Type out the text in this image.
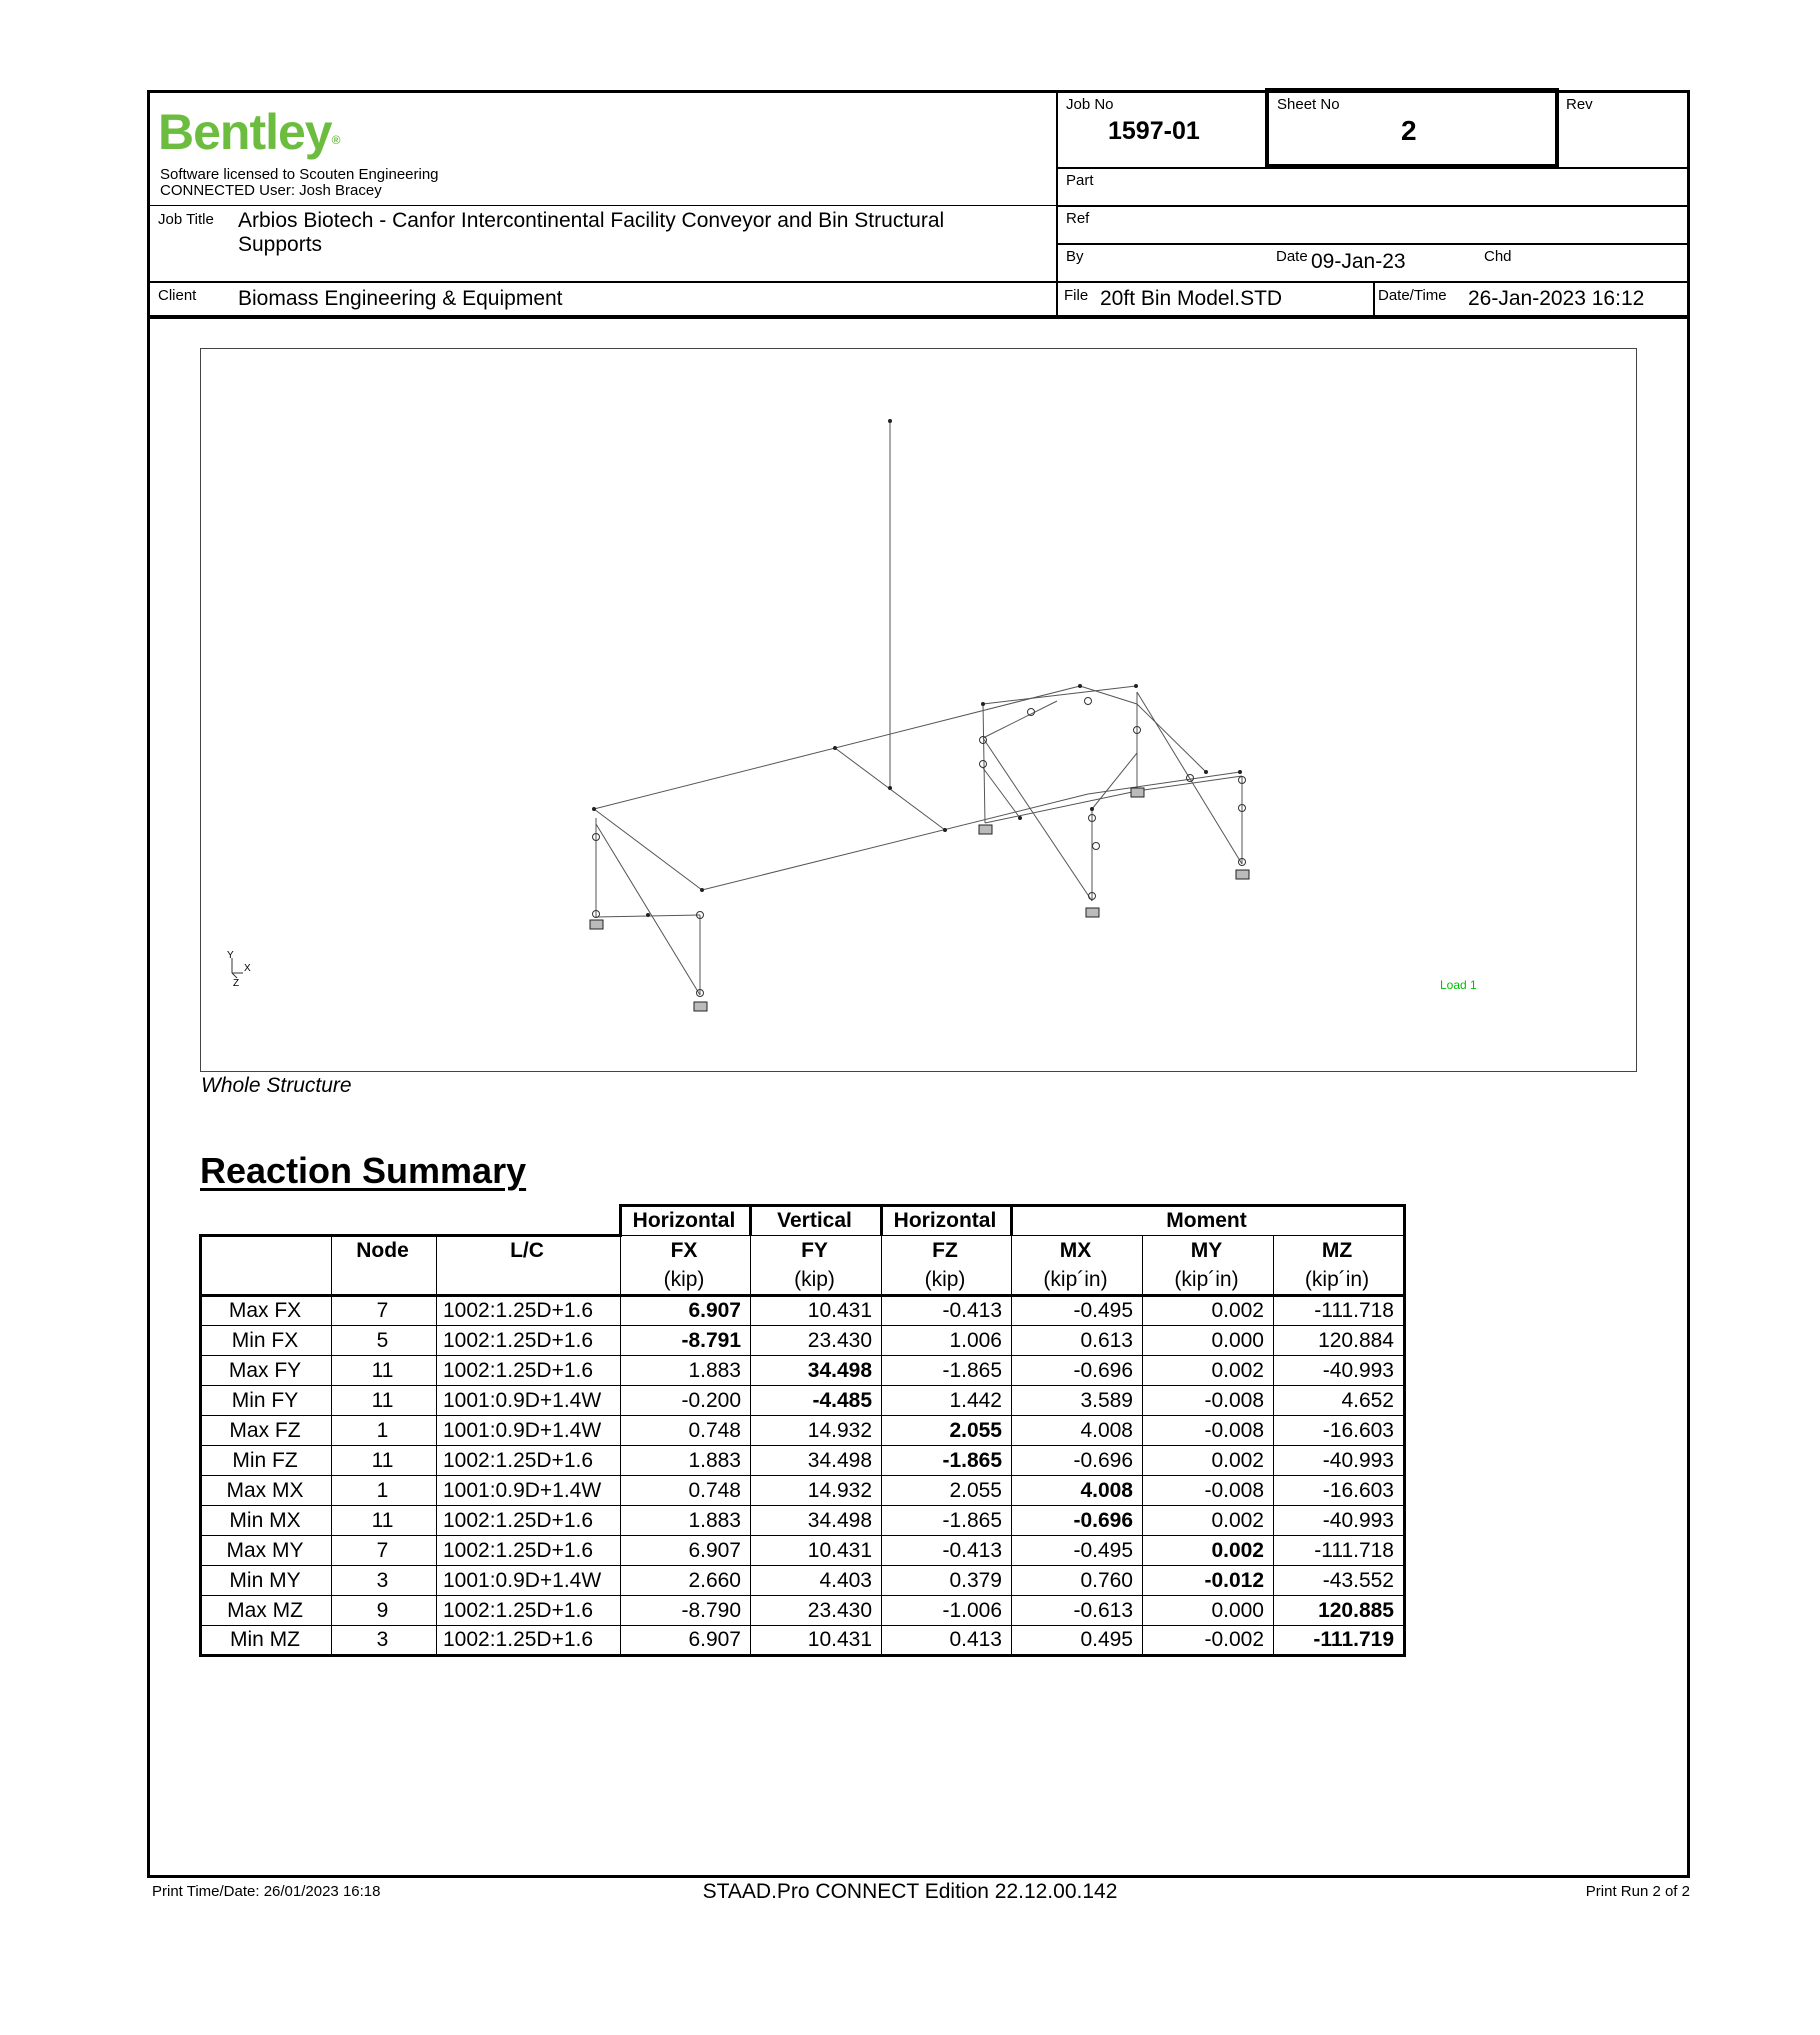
Bentley®
Software licensed to Scouten Engineering
CONNECTED User: Josh Bracey
Job No
1597-01
Sheet No
2
Rev
Part
Ref
By	Date 09-Jan-23	Chd
Job Title Arbios Biotech - Canfor Intercontinental Facility Conveyor and Bin Structural
Supports
Client Biomass Engineering & Equipment	File 20ft Bin Model.STD	Date/Time 26-Jan-2023 16:12
Y
X
Z	Load 1
Whole Structure
Reaction Summary
			Horizontal	Vertical	Horizontal	Moment		
	Node	L/C	FX	FY	FZ	MX	MY	MZ
			(kip)	(kip)	(kip)	(kip´in)	(kip´in)	(kip´in)
Max FX	7	1002:1.25D+1.6	6.907	10.431	-0.413	-0.495	0.002	-111.718
Min FX	5	1002:1.25D+1.6	-8.791	23.430	1.006	0.613	0.000	120.884
Max FY	11	1002:1.25D+1.6	1.883	34.498	-1.865	-0.696	0.002	-40.993
Min FY	11	1001:0.9D+1.4W	-0.200	-4.485	1.442	3.589	-0.008	4.652
Max FZ	1	1001:0.9D+1.4W	0.748	14.932	2.055	4.008	-0.008	-16.603
Min FZ	11	1002:1.25D+1.6	1.883	34.498	-1.865	-0.696	0.002	-40.993
Max MX	1	1001:0.9D+1.4W	0.748	14.932	2.055	4.008	-0.008	-16.603
Min MX	11	1002:1.25D+1.6	1.883	34.498	-1.865	-0.696	0.002	-40.993
Max MY	7	1002:1.25D+1.6	6.907	10.431	-0.413	-0.495	0.002	-111.718
Min MY	3	1001:0.9D+1.4W	2.660	4.403	0.379	0.760	-0.012	-43.552
Max MZ	9	1002:1.25D+1.6	-8.790	23.430	-1.006	-0.613	0.000	120.885
Min MZ	3	1002:1.25D+1.6	6.907	10.431	0.413	0.495	-0.002	-111.719
Print Time/Date: 26/01/2023 16:18	STAAD.Pro CONNECT Edition 22.12.00.142	Print Run 2 of 2
